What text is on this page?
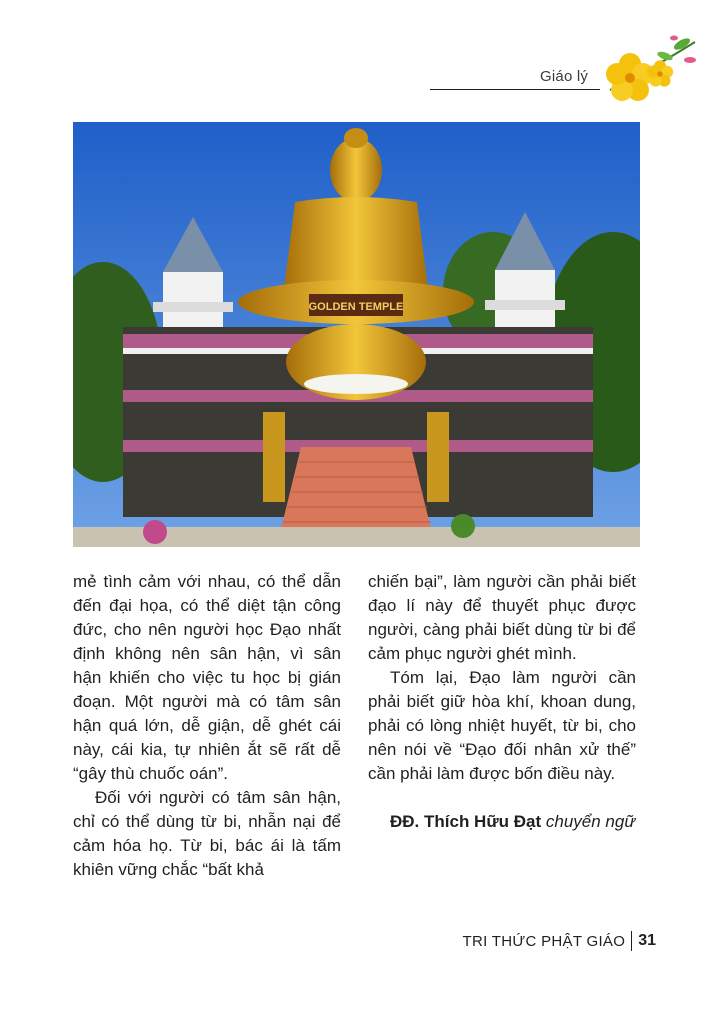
Giáo lý
GOLDEN TEMPLE

mẻ tình cảm với nhau, có thể dẫn đến đại họa, có thể diệt tận công đức, cho nên người học Đạo nhất định không nên sân hận, vì sân hận khiến cho việc tu học bị gián đoạn. Một người mà có tâm sân hận quá lớn, dễ giận, dễ ghét cái này, cái kia, tự nhiên ắt sẽ rất dễ “gây thù chuốc oán”.

Đối với người có tâm sân hận, chỉ có thể dùng từ bi, nhẫn nại để cảm hóa họ. Từ bi, bác ái là tấm khiên vững chắc “bất khả

chiến bại”, làm người cần phải biết đạo lí này để thuyết phục được người, càng phải biết dùng từ bi để cảm phục người ghét mình.

Tóm lại, Đạo làm người cần phải biết giữ hòa khí, khoan dung, phải có lòng nhiệt huyết, từ bi, cho nên nói về “Đạo đối nhân xử thế” cần phải làm được bốn điều này.

ĐĐ. Thích Hữu Đạt chuyển ngữ

TRI THỨC PHẬT GIÁO 31
